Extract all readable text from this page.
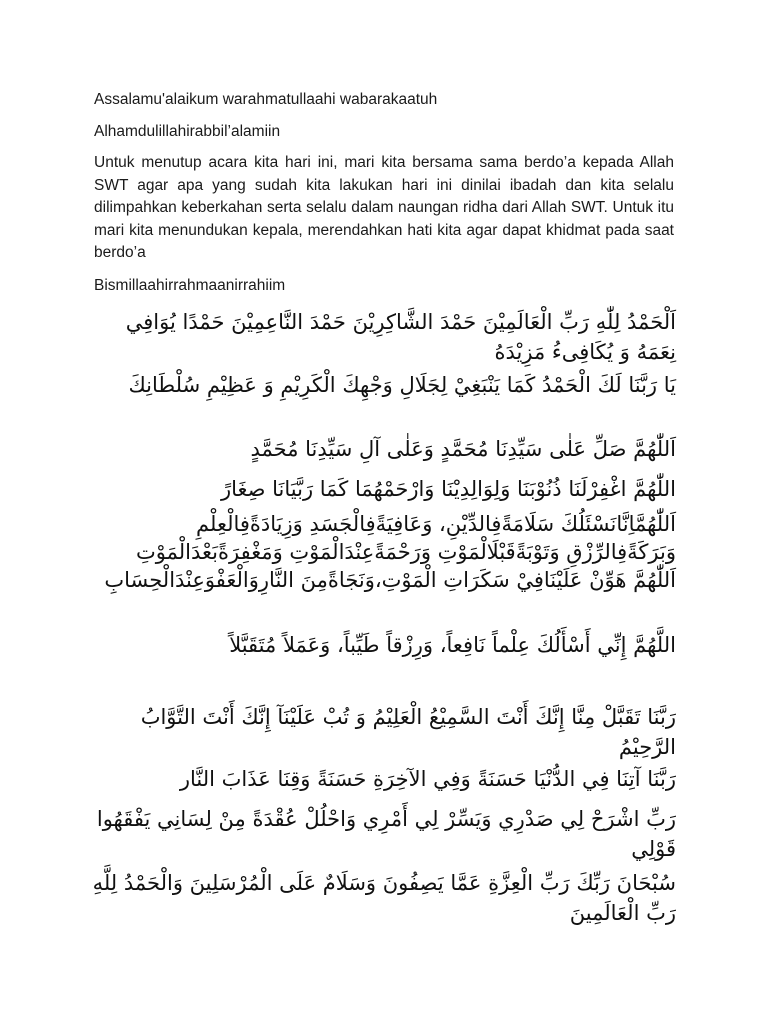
Assalamu'alaikum warahmatullaahi wabarakaatuh

Alhamdulillahirabbil’alamiin

Untuk menutup acara kita hari ini, mari kita bersama sama berdo’a kepada Allah SWT agar apa yang sudah kita lakukan hari ini dinilai ibadah dan kita selalu dilimpahkan keberkahan serta selalu dalam naungan ridha dari Allah SWT. Untuk itu mari kita menundukan kepala, merendahkan hati kita agar dapat khidmat pada saat berdo’a

Bismillaahirrahmaanirrahiim

اَلْحَمْدُ لِلّٰهِ رَبِّ الْعَالَمِيْنَ حَمْدَ الشَّاكِرِيْنَ حَمْدَ النَّاعِمِيْنَ حَمْدًا يُوَافِي نِعَمَهُ وَ يُكَافِىءُ مَزِيْدَهُ

يَا رَبَّنَا لَكَ الْحَمْدُ كَمَا يَنْبَغِيْ لِجَلَالِ وَجْهِكَ الْكَرِيْمِ وَ عَظِيْمِ سُلْطَانِكَ

اَللّٰهُمَّ صَلِّ عَلٰى سَيِّدِنَا مُحَمَّدٍ وَعَلٰى آلِ سَيِّدِنَا مُحَمَّدٍ

اللّٰهُمَّ اغْفِرْلَنَا ذُنُوْبَنَا وَلِوَالِدِيْنَا وَارْحَمْهُمَا كَمَا رَبَّيَانَا صِغَارً

اَللّٰهُمَّاِنَّانَسْئَلُكَ سَلَامَةًفِالدِّيْنِ، وَعَافِيَةًفِالْجَسَدِ وَزِيَادَةًفِالْعِلْمِ وَبَرَكَةًفِالرِّزْقِ وَتَوْبَةًقَبْلَالْمَوْتِ وَرَحْمَةًعِنْدَالْمَوْتِ وَمَغْفِرَةًبَعْدَالْمَوْتِ اَللّٰهُمَّ هَوِّنْ عَلَيْنَافِيْ سَكَرَاتِ الْمَوْتِ،وَنَجَاةًمِنَ النَّارِوَالْعَفْوَعِنْدَالْحِسَابِ

اللَّهُمَّ إِنِّي أَسْأَلُكَ عِلْماً نَافِعاً، وَرِزْقاً طَيِّباً، وَعَمَلاً مُتَقَبَّلاً

رَبَّنَا تَقَبَّلْ مِنَّا إِنَّكَ أَنْتَ السَّمِيْعُ الْعَلِيْمُ وَ تُبْ عَلَيْنَآ إِنَّكَ أَنْتَ التَّوَّابُ الرَّحِيْمُ

رَبَّنَا آتِنَا فِي الدُّنْيَا حَسَنَةً وَفِي الآخِرَةِ حَسَنَةً وَقِنَا عَذَابَ النَّار

رَبِّ اشْرَحْ لِي صَدْرِي وَيَسِّرْ لِي أَمْرِي وَاحْلُلْ عُقْدَةً مِنْ لِسَانِي يَفْقَهُوا قَوْلِي

سُبْحَانَ رَبِّكَ رَبِّ الْعِزَّةِ عَمَّا يَصِفُونَ وَسَلَامٌ عَلَى الْمُرْسَلِينَ وَالْحَمْدُ لِلَّهِ رَبِّ الْعَالَمِينَ
